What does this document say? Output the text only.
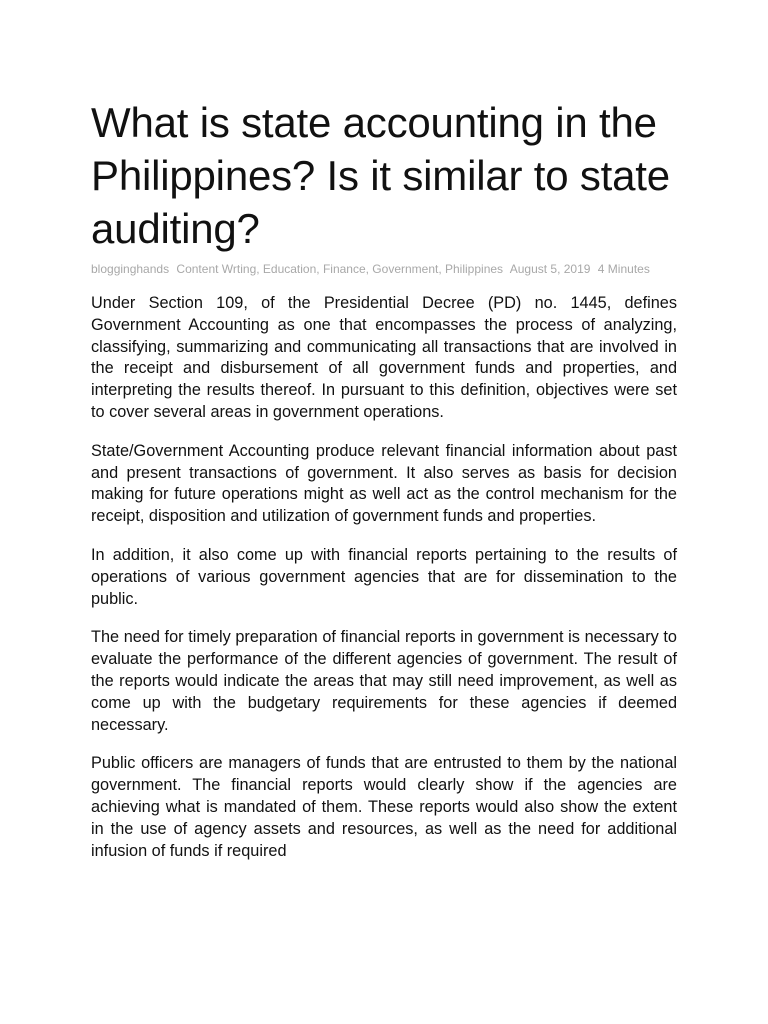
What is state accounting in the Philippines? Is it similar to state auditing?
blogginghands Content Wrting, Education, Finance, Government, Philippines August 5, 2019 4 Minutes

Under Section 109, of the Presidential Decree (PD) no. 1445, defines Government Accounting as one that encompasses the process of analyzing, classifying, summarizing and communicating all transactions that are involved in the receipt and disbursement of all government funds and properties, and interpreting the results thereof. In pursuant to this definition, objectives were set to cover several areas in government operations.

State/Government Accounting produce relevant financial information about past and present transactions of government. It also serves as basis for decision making for future operations might as well act as the control mechanism for the receipt, disposition and utilization of government funds and properties.

In addition, it also come up with financial reports pertaining to the results of operations of various government agencies that are for dissemination to the public.

The need for timely preparation of financial reports in government is necessary to evaluate the performance of the different agencies of government. The result of the reports would indicate the areas that may still need improvement, as well as come up with the budgetary requirements for these agencies if deemed necessary.

Public officers are managers of funds that are entrusted to them by the national government. The financial reports would clearly show if the agencies are achieving what is mandated of them. These reports would also show the extent in the use of agency assets and resources, as well as the need for additional infusion of funds if required
